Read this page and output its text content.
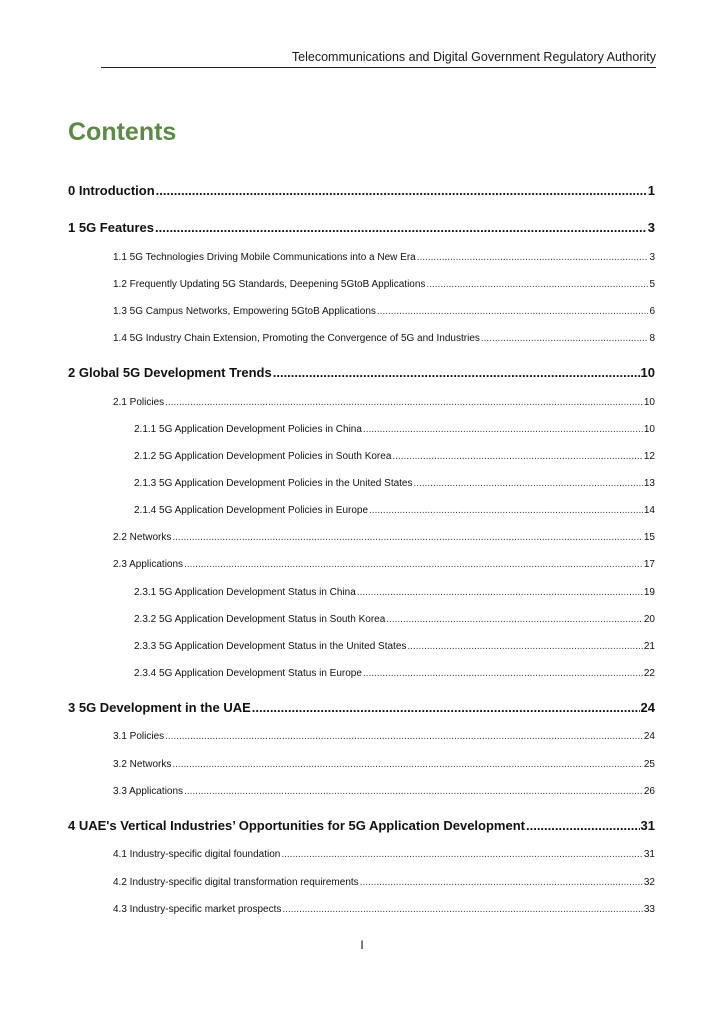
Telecommunications and Digital Government Regulatory Authority
Contents
0 Introduction .....	1
1 5G Features .....	3
1.1 5G Technologies Driving Mobile Communications into a New Era .....	3
1.2 Frequently Updating 5G Standards, Deepening 5GtoB Applications .....	5
1.3 5G Campus Networks, Empowering 5GtoB Applications .....	6
1.4 5G Industry Chain Extension, Promoting the Convergence of 5G and Industries .....	8
2 Global 5G Development Trends .....	10
2.1 Policies .....	10
2.1.1 5G Application Development Policies in China .....	10
2.1.2 5G Application Development Policies in South Korea .....	12
2.1.3 5G Application Development Policies in the United States .....	13
2.1.4 5G Application Development Policies in Europe .....	14
2.2 Networks .....	15
2.3 Applications .....	17
2.3.1 5G Application Development Status in China .....	19
2.3.2 5G Application Development Status in South Korea .....	20
2.3.3 5G Application Development Status in the United States .....	21
2.3.4 5G Application Development Status in Europe .....	22
3 5G Development in the UAE .....	24
3.1 Policies .....	24
3.2 Networks .....	25
3.3 Applications .....	26
4 UAE's Vertical Industries’ Opportunities for 5G Application Development .....	31
4.1 Industry-specific digital foundation .....	31
4.2 Industry-specific digital transformation requirements .....	32
4.3 Industry-specific market prospects .....	33
I
